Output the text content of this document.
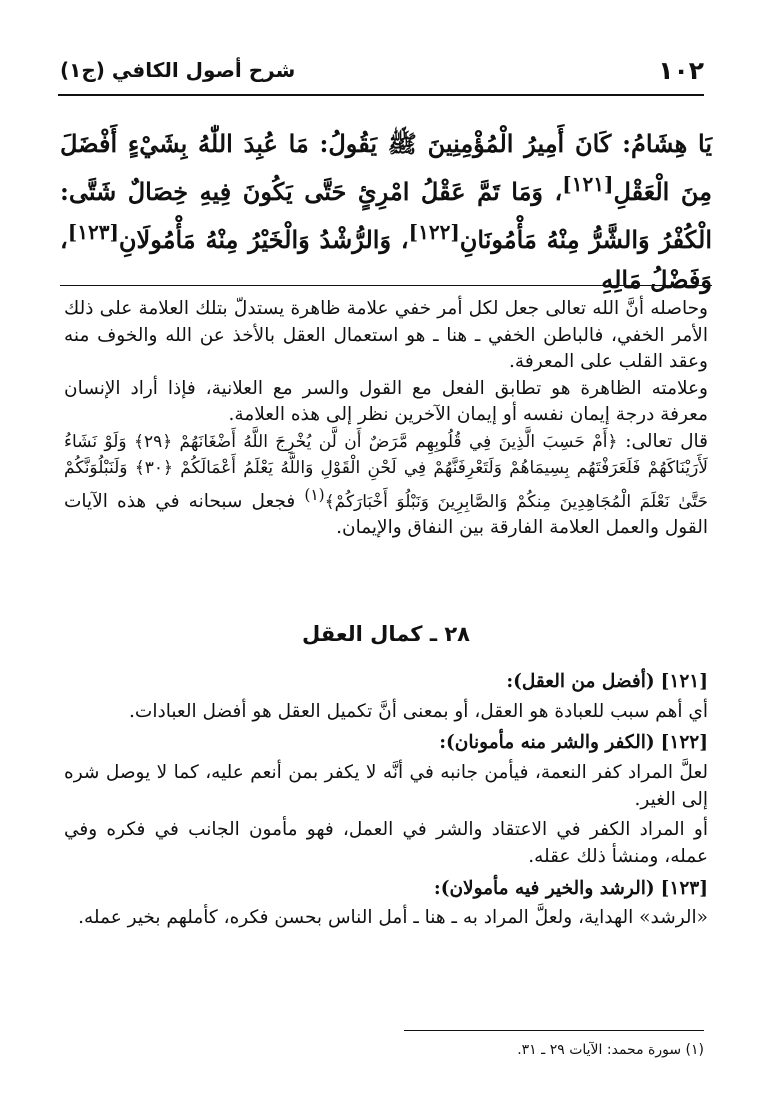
١٠٢
شرح أصول الكافي (ج١)
يَا هِشَامُ: كَانَ أَمِيرُ الْمُؤْمِنِينَ ﷺ يَقُولُ: مَا عُبِدَ اللّٰهُ بِشَيْءٍ أَفْضَلَ مِنَ الْعَقْلِ[١٢١]، وَمَا تَمَّ عَقْلُ امْرِئٍ حَتَّى يَكُونَ فِيهِ خِصَالٌ شَتَّى: الْكُفْرُ وَالشَّرُّ مِنْهُ مَأْمُونَانِ[١٢٢]، وَالرُّشْدُ وَالْخَيْرُ مِنْهُ مَأْمُولَانِ[١٢٣]، وَفَضْلُ مَالِهِ

وحاصله أنَّ الله تعالى جعل لكل أمر خفي علامة ظاهرة يستدلّ بتلك العلامة على ذلك الأمر الخفي، فالباطن الخفي ـ هنا ـ هو استعمال العقل بالأخذ عن الله والخوف منه وعقد القلب على المعرفة.

وعلامته الظاهرة هو تطابق الفعل مع القول والسر مع العلانية، فإذا أراد الإنسان معرفة درجة إيمان نفسه أو إيمان الآخرين نظر إلى هذه العلامة.

قال تعالى: ﴿أَمْ حَسِبَ الَّذِينَ فِي قُلُوبِهِم مَّرَضٌ أَن لَّن يُخْرِجَ اللَّهُ أَضْغَانَهُمْ ﴿٢٩﴾ وَلَوْ نَشَاءُ لَأَرَيْنَاكَهُمْ فَلَعَرَفْتَهُم بِسِيمَاهُمْ وَلَتَعْرِفَنَّهُمْ فِي لَحْنِ الْقَوْلِ وَاللَّهُ يَعْلَمُ أَعْمَالَكُمْ ﴿٣٠﴾ وَلَنَبْلُوَنَّكُمْ حَتَّىٰ نَعْلَمَ الْمُجَاهِدِينَ مِنكُمْ وَالصَّابِرِينَ وَنَبْلُوَ أَخْبَارَكُمْ﴾$^{(١)}$ فجعل سبحانه في هذه الآيات القول والعمل العلامة الفارقة بين النفاق والإيمان.

٢٨ ـ كمال العقل
[١٢١](أفضل من العقل):

أي أهم سبب للعبادة هو العقل، أو بمعنى أنَّ تكميل العقل هو أفضل العبادات.

[١٢٢](الكفر والشر منه مأمونان):

لعلَّ المراد كفر النعمة، فيأمن جانبه في أنَّه لا يكفر بمن أنعم عليه، كما لا يوصل شره إلى الغير.

أو المراد الكفر في الاعتقاد والشر في العمل، فهو مأمون الجانب في فكره وفي عمله، ومنشأ ذلك عقله.

[١٢٣](الرشد والخير فيه مأمولان):

«الرشد» الهداية، ولعلَّ المراد به ـ هنا ـ أمل الناس بحسن فكره، كأملهم بخير عمله.

(١) سورة محمد: الآيات ٢٩ ـ ٣١.
